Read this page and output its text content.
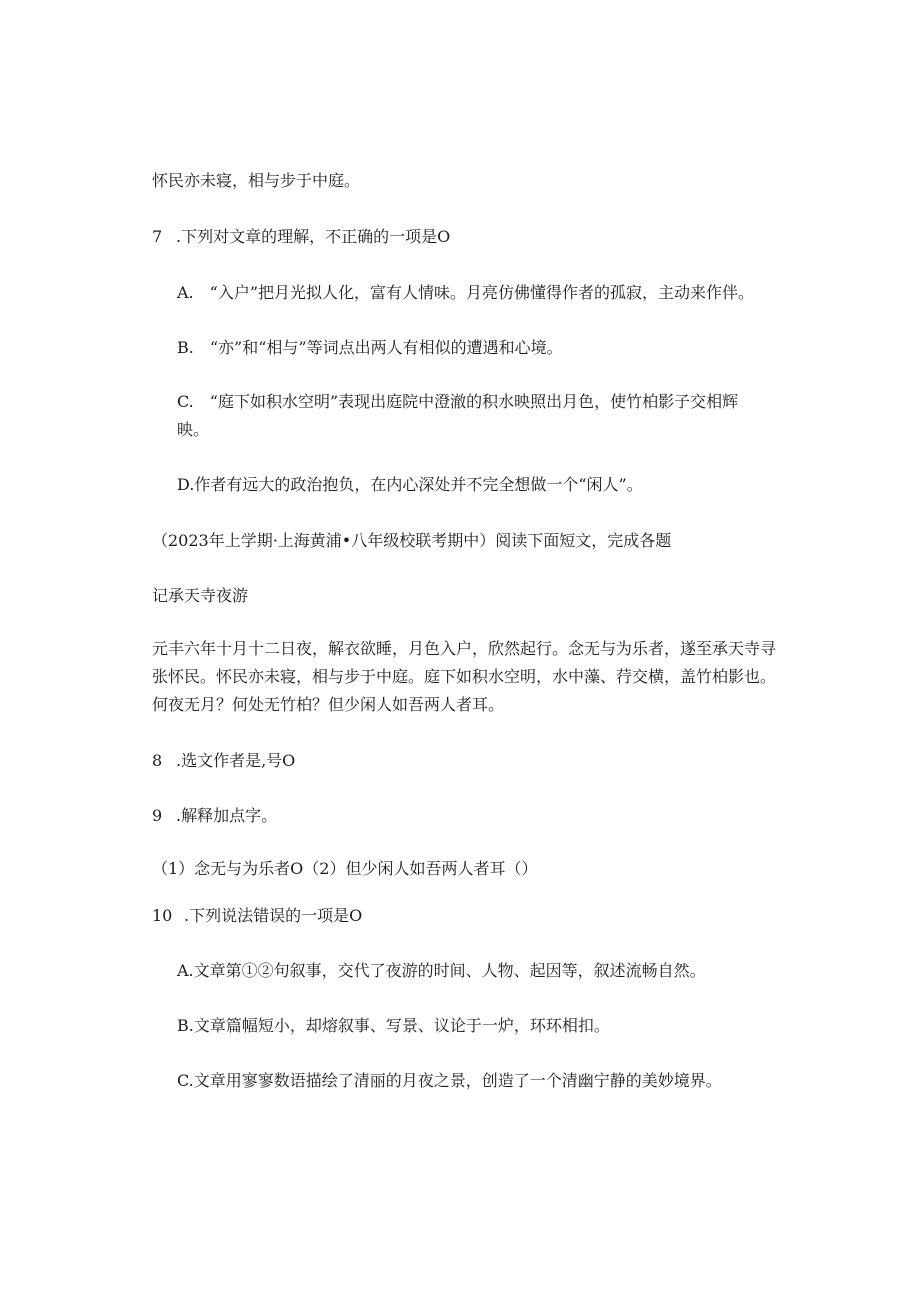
怀民亦未寝，相与步于中庭。
7 .下列对文章的理解，不正确的一项是O
A.　“入户”把月光拟人化，富有人情味。月亮仿佛懂得作者的孤寂，主动来作伴。
B.　“亦”和“相与”等词点出两人有相似的遭遇和心境。
C.　“庭下如积水空明”表现出庭院中澄澈的积水映照出月色，使竹柏影子交相辉
映。
D.作者有远大的政治抱负，在内心深处并不完全想做一个“闲人”。
（2023年上学期·上海黄浦•八年级校联考期中）阅读下面短文，完成各题
记承天寺夜游
元丰六年十月十二日夜，解衣欲睡，月色入户，欣然起行。念无与为乐者，遂至承天寺寻
张怀民。怀民亦未寝，相与步于中庭。庭下如积水空明，水中藻、荇交横，盖竹柏影也。
何夜无月？何处无竹柏？但少闲人如吾两人者耳。
8 .选文作者是,号O
9 .解释加点字。
（1）念无与为乐者O（2）但少闲人如吾两人者耳（）
10 .下列说法错误的一项是O
A.文章第①②句叙事，交代了夜游的时间、人物、起因等，叙述流畅自然。
B.文章篇幅短小，却熔叙事、写景、议论于一炉，环环相扣。
C.文章用寥寥数语描绘了清丽的月夜之景，创造了一个清幽宁静的美妙境界。
